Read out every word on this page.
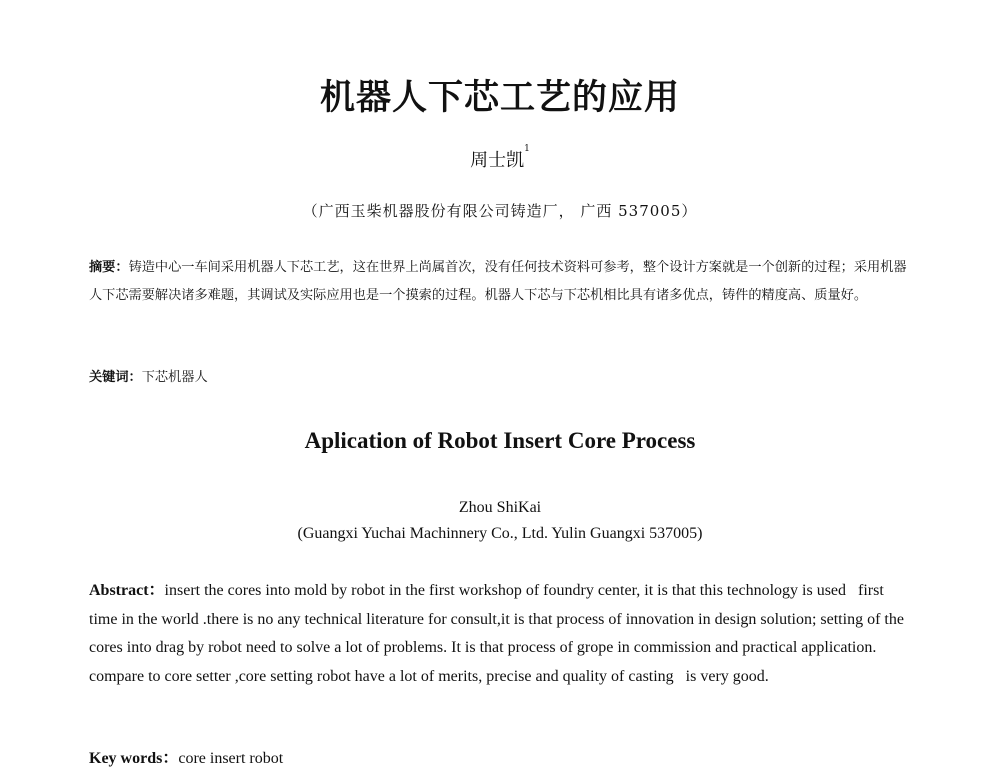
机器人下芯工艺的应用
周士凯$^1$
（广西玉柴机器股份有限公司铸造厂， 广西 537005）

摘要：铸造中心一车间采用机器人下芯工艺，这在世界上尚属首次，没有任何技术资料可参考，整个设计方案就是一个创新的过程；采用机器人下芯需要解决诸多难题，其调试及实际应用也是一个摸索的过程。机器人下芯与下芯机相比具有诸多优点，铸件的精度高、质量好。

关键词：下芯机器人

Aplication of Robot Insert Core Process
Zhou ShiKai
(Guangxi Yuchai Machinnery Co., Ltd. Yulin Guangxi 537005)

Abstract：insert the cores into mold by robot in the first workshop of foundry center, it is that this technology is used   first time in the world .there is no any technical literature for consult,it is that process of innovation in design solution; setting of the cores into drag by robot need to solve a lot of problems. It is that process of grope in commission and practical application. compare to core setter ,core setting robot have a lot of merits, precise and quality of casting   is very good.

Key words：core insert robot
